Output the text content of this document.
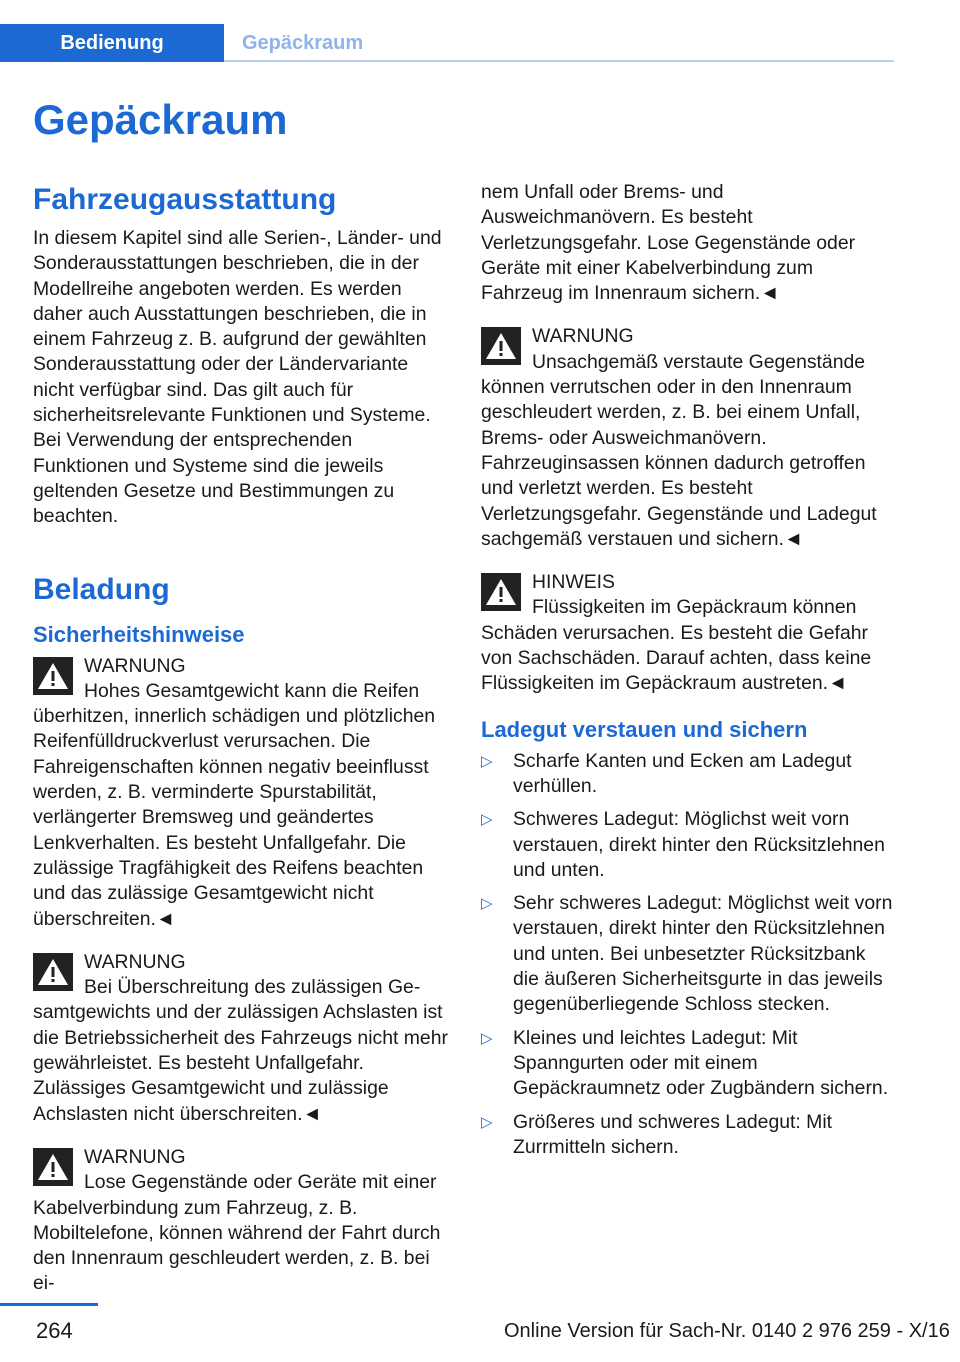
Bedienung	Gepäckraum
Gepäckraum
Fahrzeugausstattung

In diesem Kapitel sind alle Serien-, Länder- und Sonderausstattungen beschrieben, die in der Modellreihe angeboten werden. Es werden daher auch Ausstattungen beschrieben, die in einem Fahrzeug z. B. aufgrund der gewählten Sonderausstattung oder der Ländervariante nicht verfügbar sind. Das gilt auch für sicherheitsrelevante Funktionen und Systeme. Bei Verwendung der entsprechenden Funktionen und Systeme sind die jeweils geltenden Gesetze und Bestimmungen zu beachten.

Beladung
Sicherheitshinweise
WARNUNG
Hohes Gesamtgewicht kann die Reifen
überhitzen, innerlich schädigen und plötzlichen Reifenfülldruckverlust verursachen. Die Fahreigenschaften können negativ beeinflusst werden, z. B. verminderte Spurstabilität, verlängerter Bremsweg und geändertes Lenkverhalten. Es besteht Unfallgefahr. Die zulässige Tragfähigkeit des Reifens beachten und das zulässige Gesamtgewicht nicht überschreiten.◄
WARNUNG
Bei Überschreitung des zulässigen Ge-
samtgewichts und der zulässigen Achslasten ist die Betriebssicherheit des Fahrzeugs nicht mehr gewährleistet. Es besteht Unfallgefahr. Zulässiges Gesamtgewicht und zulässige Achslasten nicht überschreiten.◄
WARNUNG
Lose Gegenstände oder Geräte mit einer
Kabelverbindung zum Fahrzeug, z. B. Mobiltelefone, können während der Fahrt durch den Innenraum geschleudert werden, z. B. bei ei-

nem Unfall oder Brems- und Ausweichmanövern. Es besteht Verletzungsgefahr. Lose Gegenstände oder Geräte mit einer Kabelverbindung zum Fahrzeug im Innenraum sichern.◄

WARNUNG
Unsachgemäß verstaute Gegenstände
können verrutschen oder in den Innenraum geschleudert werden, z. B. bei einem Unfall, Brems- oder Ausweichmanövern. Fahrzeuginsassen können dadurch getroffen und verletzt werden. Es besteht Verletzungsgefahr. Gegenstände und Ladegut sachgemäß verstauen und sichern.◄
HINWEIS
Flüssigkeiten im Gepäckraum können
Schäden verursachen. Es besteht die Gefahr von Sachschäden. Darauf achten, dass keine Flüssigkeiten im Gepäckraum austreten.◄
Ladegut verstauen und sichern
▷ Scharfe Kanten und Ecken am Ladegut verhüllen.
▷ Schweres Ladegut: Möglichst weit vorn verstauen, direkt hinter den Rücksitzlehnen und unten.
▷ Sehr schweres Ladegut: Möglichst weit vorn verstauen, direkt hinter den Rücksitzlehnen und unten. Bei unbesetzter Rücksitzbank die äußeren Sicherheitsgurte in das jeweils gegenüberliegende Schloss stecken.
▷ Kleines und leichtes Ladegut: Mit Spanngurten oder mit einem Gepäckraumnetz oder Zugbändern sichern.
▷ Größeres und schweres Ladegut: Mit Zurrmitteln sichern.
264	Online Version für Sach-Nr. 0140 2 976 259 - X/16
